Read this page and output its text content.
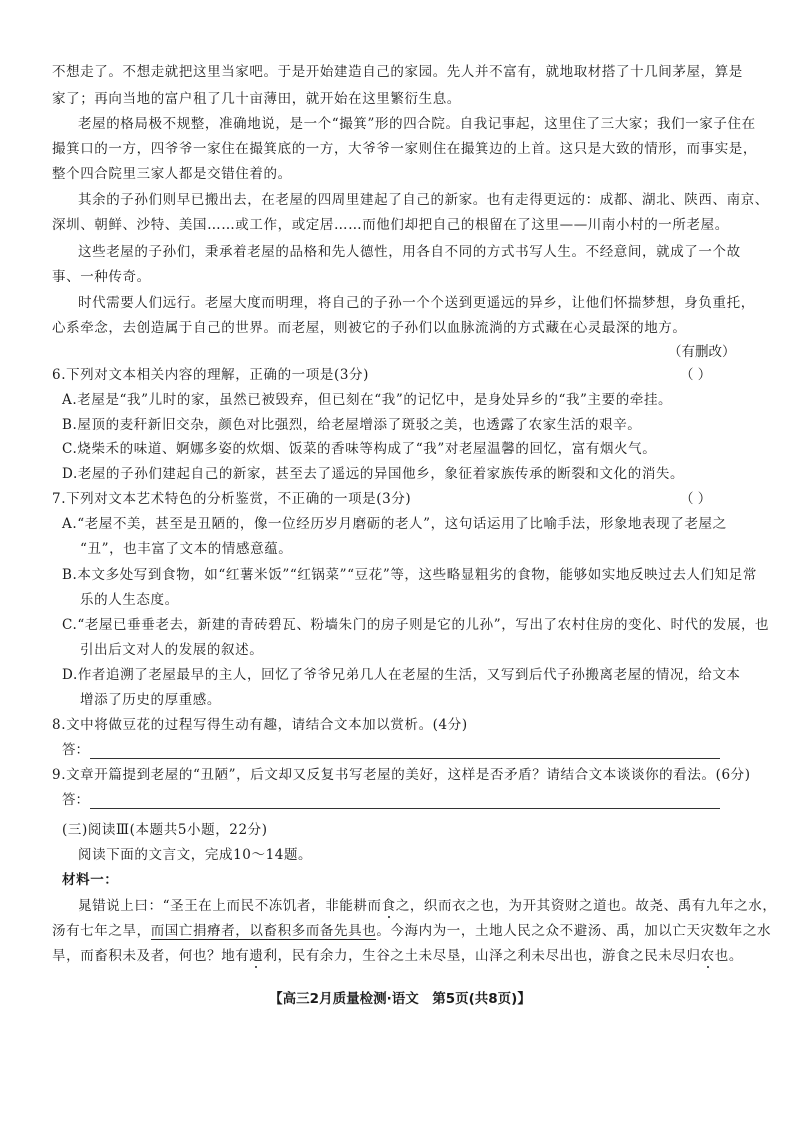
不想走了。不想走就把这里当家吧。于是开始建造自己的家园。先人并不富有，就地取材搭了十几间茅屋，算是
家了；再向当地的富户租了几十亩薄田，就开始在这里繁衍生息。
老屋的格局极不规整，准确地说，是一个“撮箕”形的四合院。自我记事起，这里住了三大家；我们一家子住在
撮箕口的一方，四爷爷一家住在撮箕底的一方，大爷爷一家则住在撮箕边的上首。这只是大致的情形，而事实是，
整个四合院里三家人都是交错住着的。
其余的子孙们则早已搬出去，在老屋的四周里建起了自己的新家。也有走得更远的：成都、湖北、陕西、南京、
深圳、朝鲜、沙特、美国……或工作，或定居……而他们却把自己的根留在了这里——川南小村的一所老屋。
这些老屋的子孙们，秉承着老屋的品格和先人德性，用各自不同的方式书写人生。不经意间，就成了一个故
事、一种传奇。
时代需要人们远行。老屋大度而明理，将自己的子孙一个个送到更遥远的异乡，让他们怀揣梦想，身负重托，
心系牵念，去创造属于自己的世界。而老屋，则被它的子孙们以血脉流淌的方式藏在心灵最深的地方。
（有删改）
6.下列对文本相关内容的理解，正确的一项是(3分)	（ ）
A.老屋是“我”儿时的家，虽然已被毁弃，但已刻在“我”的记忆中，是身处异乡的“我”主要的牵挂。
B.屋顶的麦秆新旧交杂，颜色对比强烈，给老屋增添了斑驳之美，也透露了农家生活的艰辛。
C.烧柴禾的味道、婀娜多姿的炊烟、饭菜的香味等构成了“我”对老屋温馨的回忆，富有烟火气。
D.老屋的子孙们建起自己的新家，甚至去了遥远的异国他乡，象征着家族传承的断裂和文化的消失。
7.下列对文本艺术特色的分析鉴赏，不正确的一项是(3分)	（ ）
A.“老屋不美，甚至是丑陋的，像一位经历岁月磨砺的老人”，这句话运用了比喻手法，形象地表现了老屋之
“丑”，也丰富了文本的情感意蕴。
B.本文多处写到食物，如“红薯米饭”“红锅菜”“豆花”等，这些略显粗劣的食物，能够如实地反映过去人们知足常
乐的人生态度。
C.“老屋已垂垂老去，新建的青砖碧瓦、粉墙朱门的房子则是它的儿孙”，写出了农村住房的变化、时代的发展，也
引出后文对人的发展的叙述。
D.作者追溯了老屋最早的主人，回忆了爷爷兄弟几人在老屋的生活，又写到后代子孙搬离老屋的情况，给文本
增添了历史的厚重感。
8.文中将做豆花的过程写得生动有趣，请结合文本加以赏析。(4分)
答：
9.文章开篇提到老屋的“丑陋”，后文却又反复书写老屋的美好，这样是否矛盾？请结合文本谈谈你的看法。(6分)
答：
(三)阅读Ⅲ(本题共5小题，22分)
阅读下面的文言文，完成10～14题。
材料一：
晁错说上曰：“圣王在上而民不冻饥者，非能耕而食之，织而衣之也，为开其资财之道也。故尧、禹有九年之水，
汤有七年之旱，而国亡捐瘠者，以畜积多而备先具也。今海内为一，土地人民之众不避汤、禹，加以亡天灾数年之水
旱，而畜积未及者，何也？地有遗利，民有余力，生谷之土未尽垦，山泽之利未尽出也，游食之民未尽归农也。
【高三2月质量检测·语文　第5页(共8页)】
